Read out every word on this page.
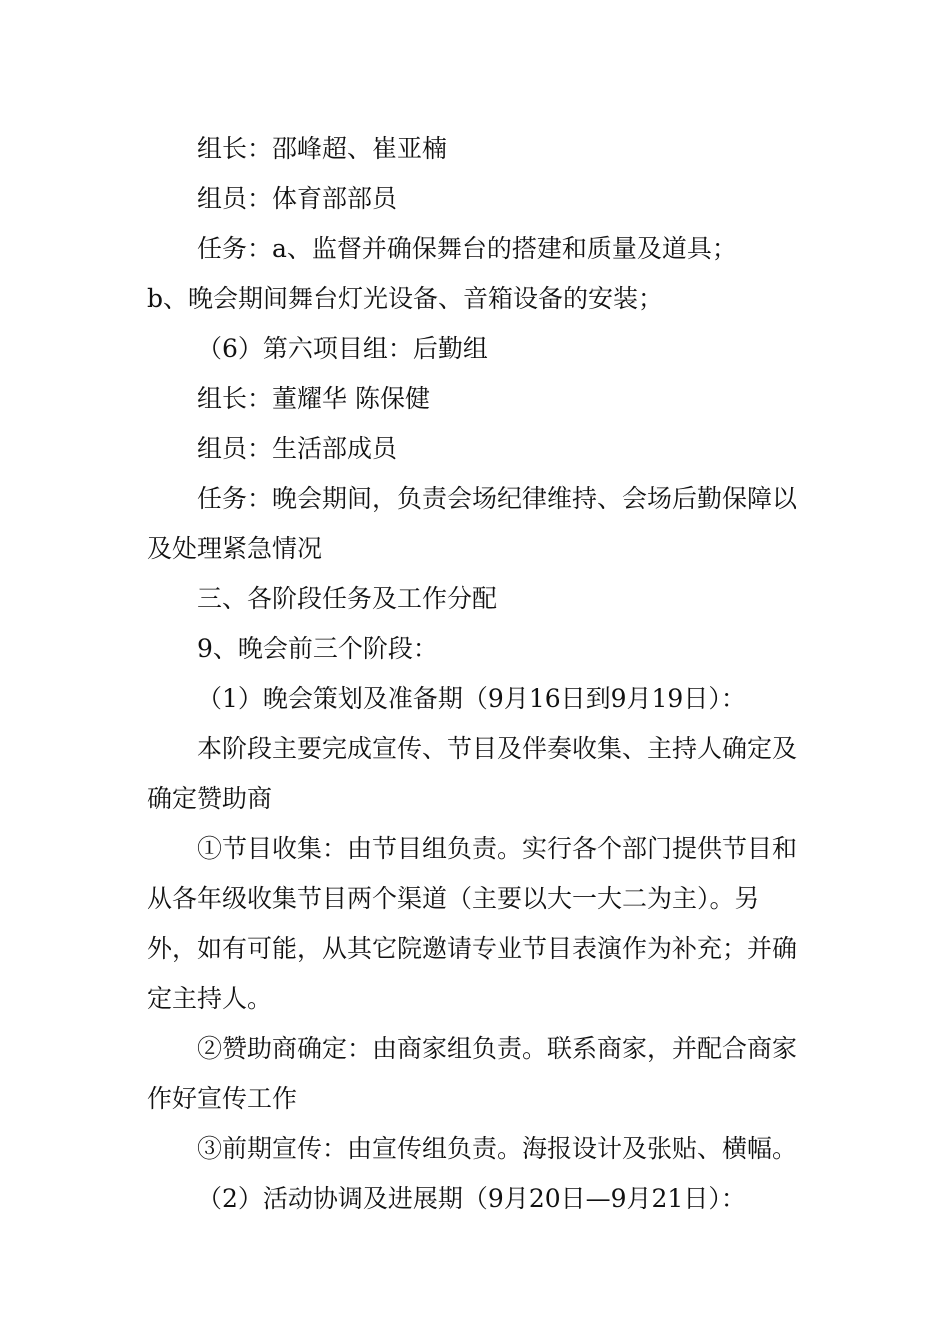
组长：邵峰超、崔亚楠

组员：体育部部员

任务：a、监督并确保舞台的搭建和质量及道具；

b、晚会期间舞台灯光设备、音箱设备的安装；

（6）第六项目组：后勤组

组长：董耀华 陈保健

组员：生活部成员

任务：晚会期间，负责会场纪律维持、会场后勤保障以及处理紧急情况

三、各阶段任务及工作分配

9、晚会前三个阶段：

（1）晚会策划及准备期（9月16日到9月19日）：

本阶段主要完成宣传、节目及伴奏收集、主持人确定及确定赞助商

①节目收集：由节目组负责。实行各个部门提供节目和从各年级收集节目两个渠道（主要以大一大二为主）。另外，如有可能，从其它院邀请专业节目表演作为补充；并确定主持人。

②赞助商确定：由商家组负责。联系商家，并配合商家作好宣传工作

③前期宣传：由宣传组负责。海报设计及张贴、横幅。

（2）活动协调及进展期（9月20日—9月21日）：
